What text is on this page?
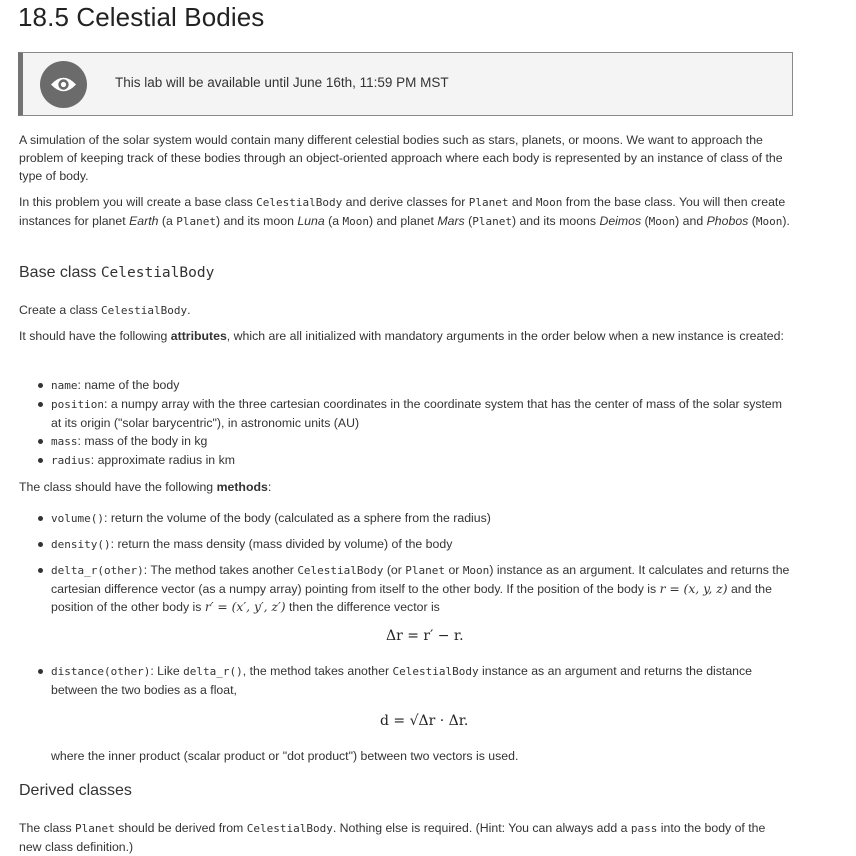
18.5 Celestial Bodies
This lab will be available until June 16th, 11:59 PM MST

A simulation of the solar system would contain many different celestial bodies such as stars, planets, or moons. We want to approach the problem of keeping track of these bodies through an object-oriented approach where each body is represented by an instance of class of the type of body.

In this problem you will create a base class CelestialBody and derive classes for Planet and Moon from the base class. You will then create instances for planet Earth (a Planet) and its moon Luna (a Moon) and planet Mars (Planet) and its moons Deimos (Moon) and Phobos (Moon).

Base class CelestialBody

Create a class CelestialBody.

It should have the following attributes, which are all initialized with mandatory arguments in the order below when a new instance is created:

name: name of the body
position: a numpy array with the three cartesian coordinates in the coordinate system that has the center of mass of the solar system at its origin ("solar barycentric"), in astronomic units (AU)
mass: mass of the body in kg
radius: approximate radius in km

The class should have the following methods:

volume(): return the volume of the body (calculated as a sphere from the radius)
density(): return the mass density (mass divided by volume) of the body
delta_r(other): The method takes another CelestialBody (or Planet or Moon) instance as an argument. It calculates and returns the cartesian difference vector (as a numpy array) pointing from itself to the other body. If the position of the body is r = (x, y, z) and the position of the other body is r′ = (x′, y′, z′) then the difference vector is
Δr = r′ − r.
distance(other): Like delta_r(), the method takes another CelestialBody instance as an argument and returns the distance between the two bodies as a float,
d = √Δr · Δr.

where the inner product (scalar product or "dot product") between two vectors is used.

Derived classes

The class Planet should be derived from CelestialBody. Nothing else is required. (Hint: You can always add a pass into the body of the new class definition.)
